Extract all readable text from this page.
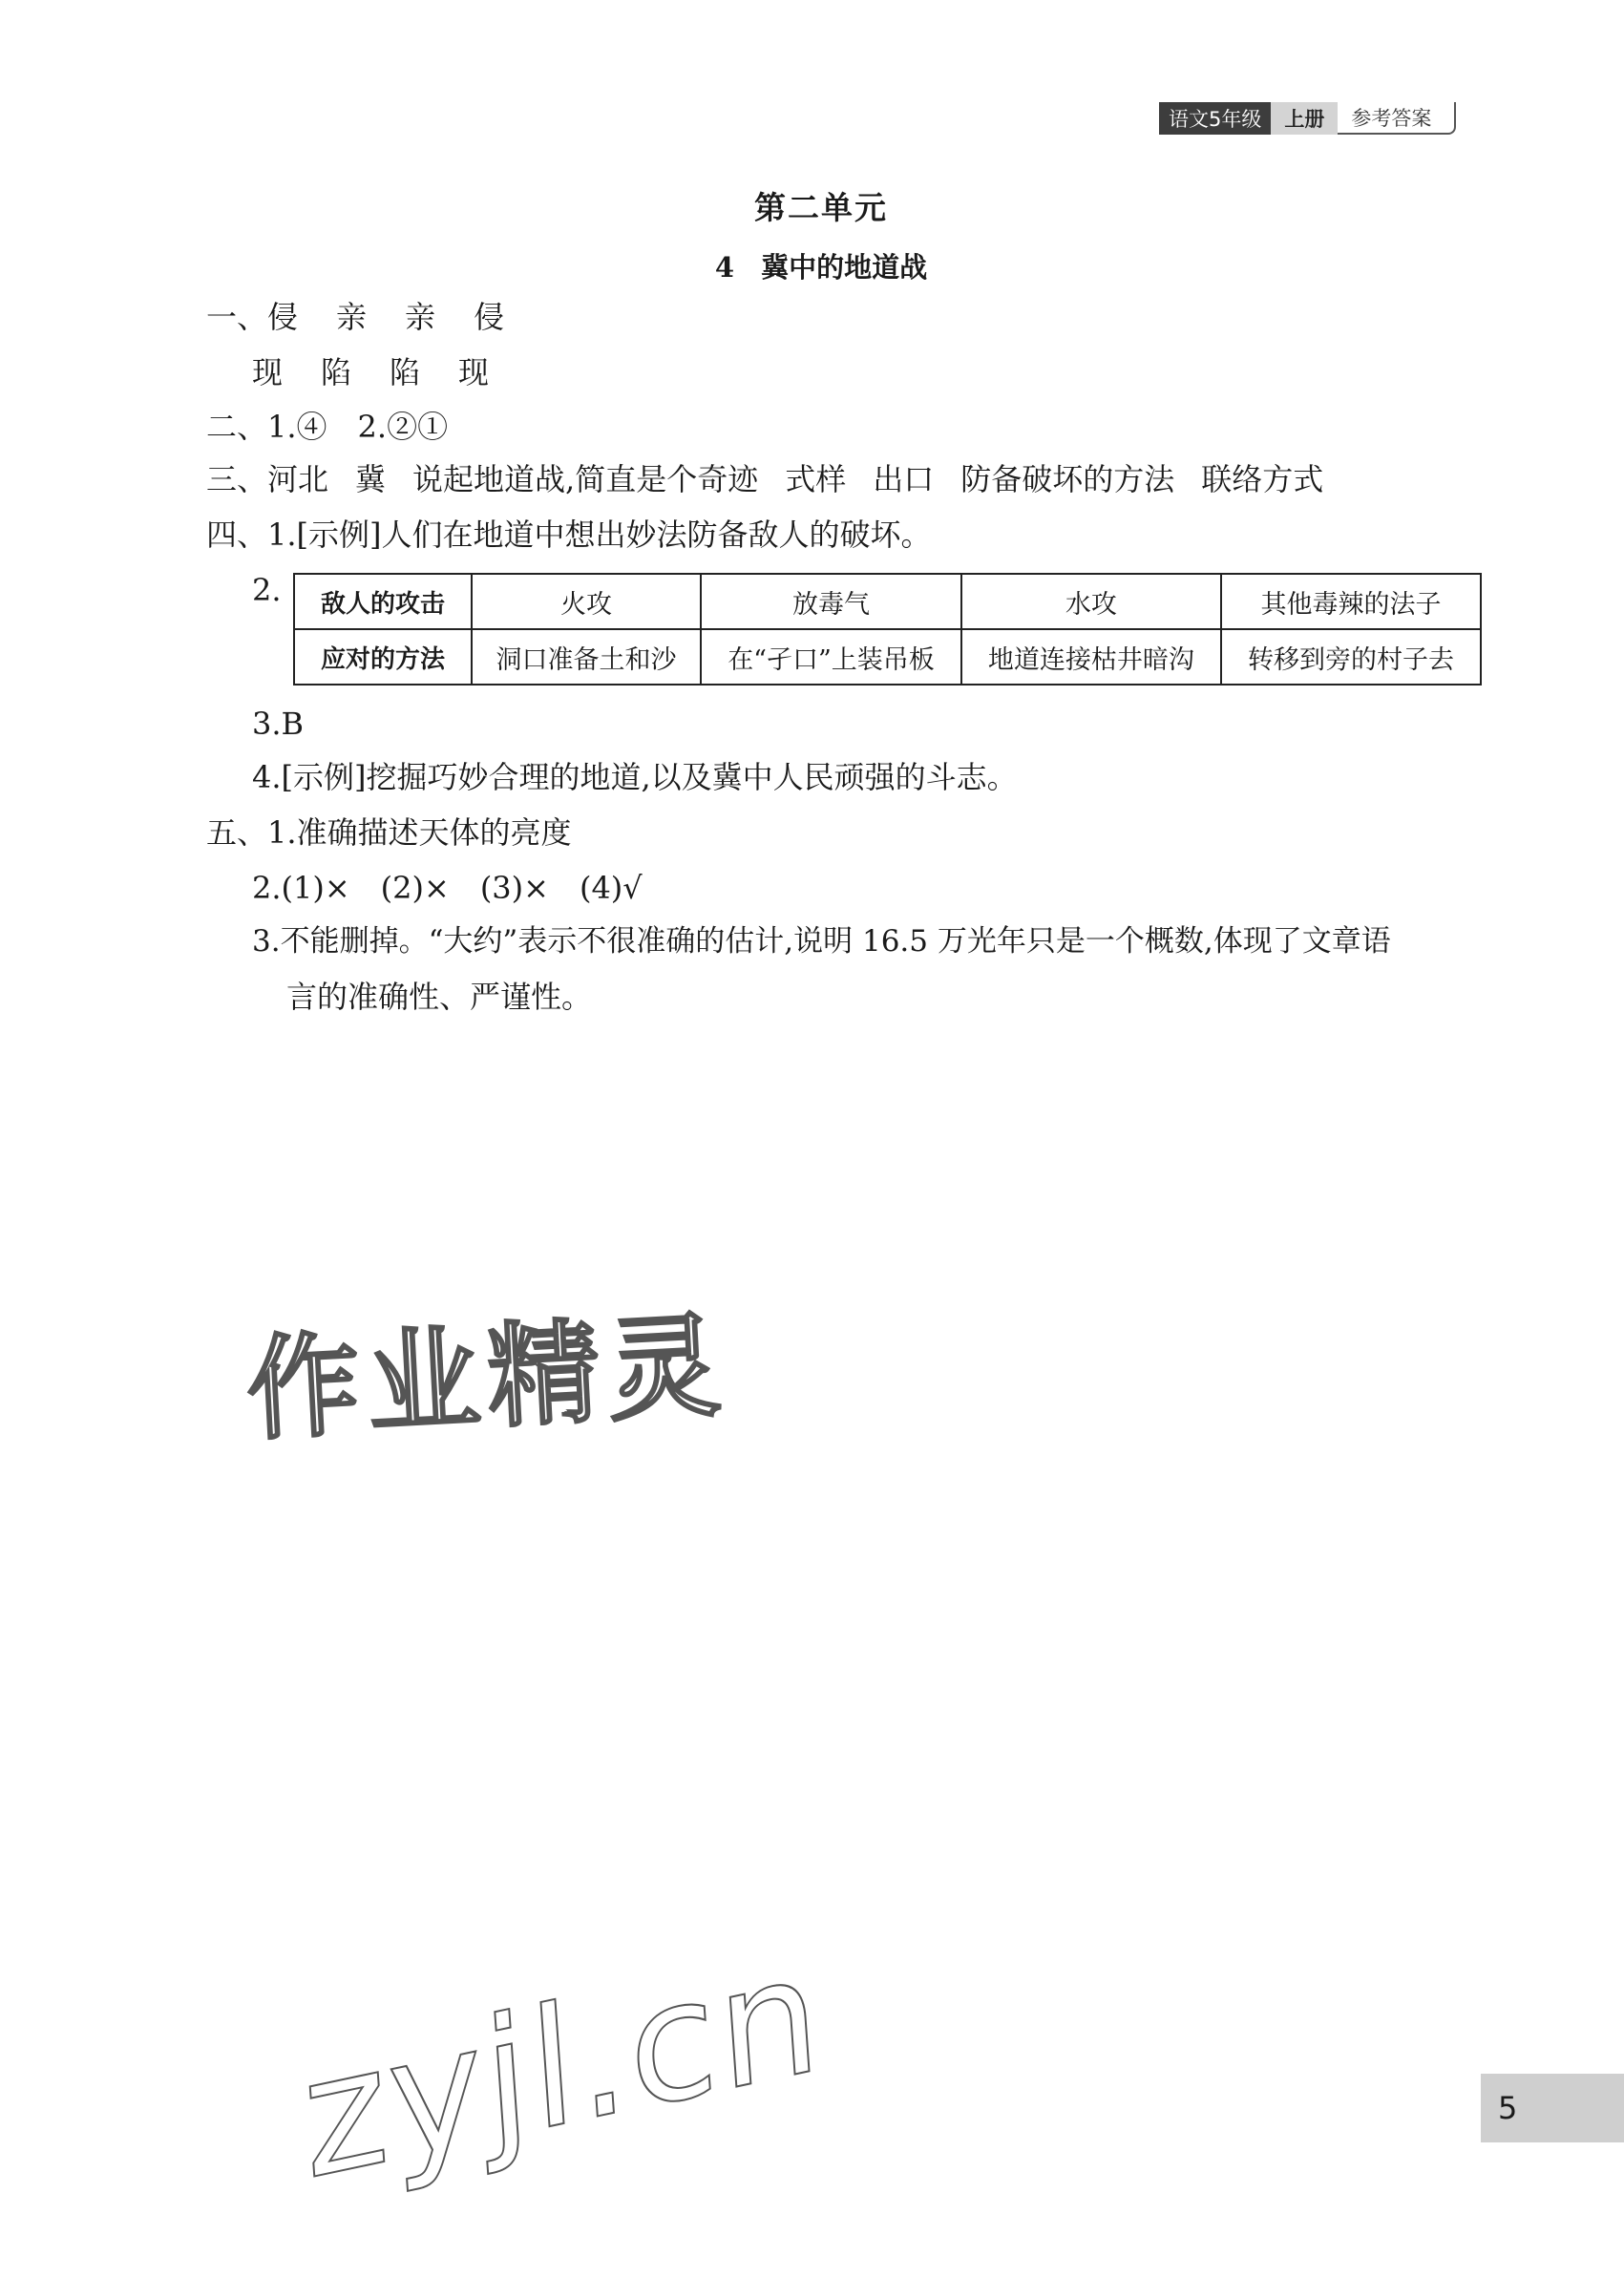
语文5年级	上册	参考答案
第二单元
4 冀中的地道战
一、侵 亲 亲 侵
现 陷 陷 现
二、1.④　2.②①
三、河北 冀 说起地道战,简直是个奇迹 式样 出口 防备破坏的方法 联络方式
四、1.[示例]人们在地道中想出妙法防备敌人的破坏。
2. 敌人的攻击	火攻	放毒气	水攻	其他毒辣的法子
应对的方法	洞口准备土和沙	在“孑口”上装吊板	地道连接枯井暗沟	转移到旁的村子去
3.B
4.[示例]挖掘巧妙合理的地道,以及冀中人民顽强的斗志。
五、1.准确描述天体的亮度
2.(1)×　(2)×　(3)×　(4)√
3.不能删掉。“大约”表示不很准确的估计,说明 16.5 万光年只是一个概数,体现了文章语
言的准确性、严谨性。
作业精灵
zyjl.cn	5
